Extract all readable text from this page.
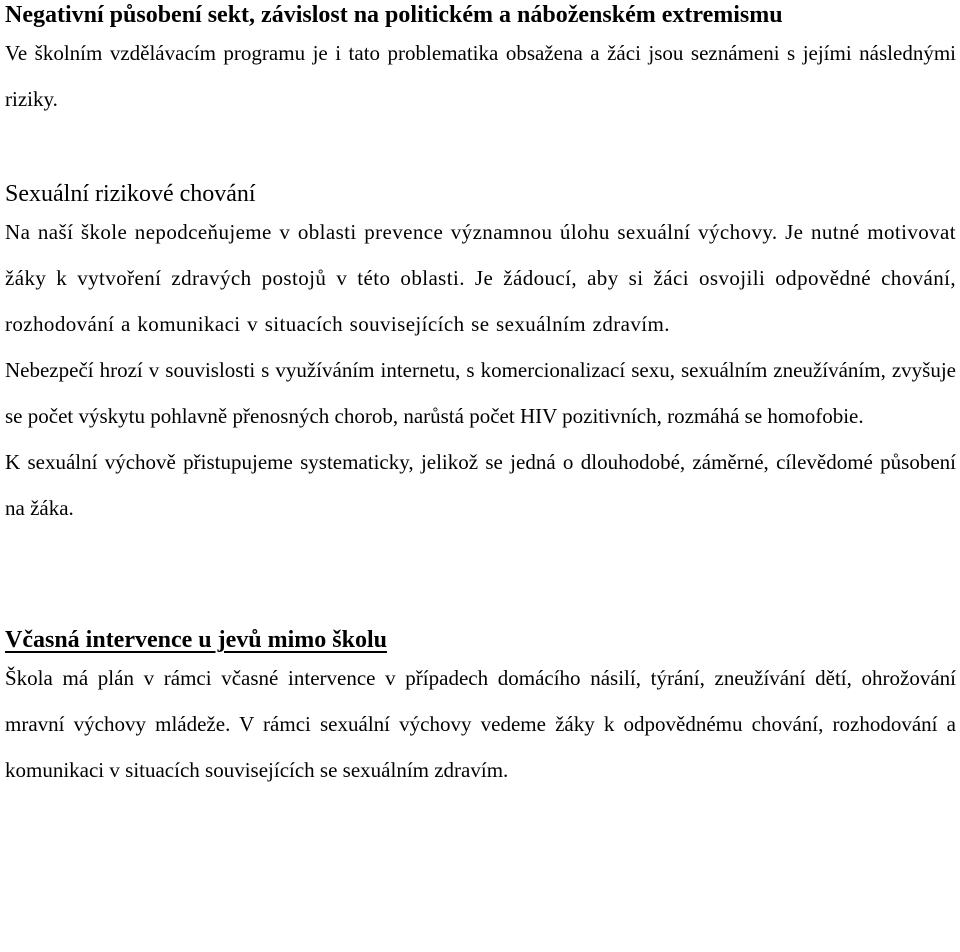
Negativní působení sekt, závislost na politickém a náboženském extremismu

Ve školním vzdělávacím programu je i tato problematika obsažena a žáci jsou seznámeni s jejími následnými riziky.

Sexuální rizikové chování

Na naší škole nepodceňujeme v oblasti prevence významnou úlohu sexuální výchovy. Je nutné motivovat žáky k vytvoření zdravých postojů v této oblasti. Je žádoucí, aby si žáci osvojili odpovědné chování, rozhodování a komunikaci v situacích souvisejících se sexuálním zdravím.

Nebezpečí hrozí v souvislosti s využíváním internetu, s komercionalizací sexu, sexuálním zneužíváním, zvyšuje se počet výskytu pohlavně přenosných chorob, narůstá počet HIV pozitivních, rozmáhá se homofobie.

K sexuální výchově přistupujeme systematicky, jelikož se jedná o dlouhodobé, záměrné, cílevědomé působení na žáka.

Včasná intervence u jevů mimo školu

Škola má plán v rámci včasné intervence v případech domácího násilí, týrání, zneužívání dětí, ohrožování mravní výchovy mládeže. V rámci sexuální výchovy vedeme žáky k odpovědnému chování, rozhodování a komunikaci v situacích souvisejících se sexuálním zdravím.
